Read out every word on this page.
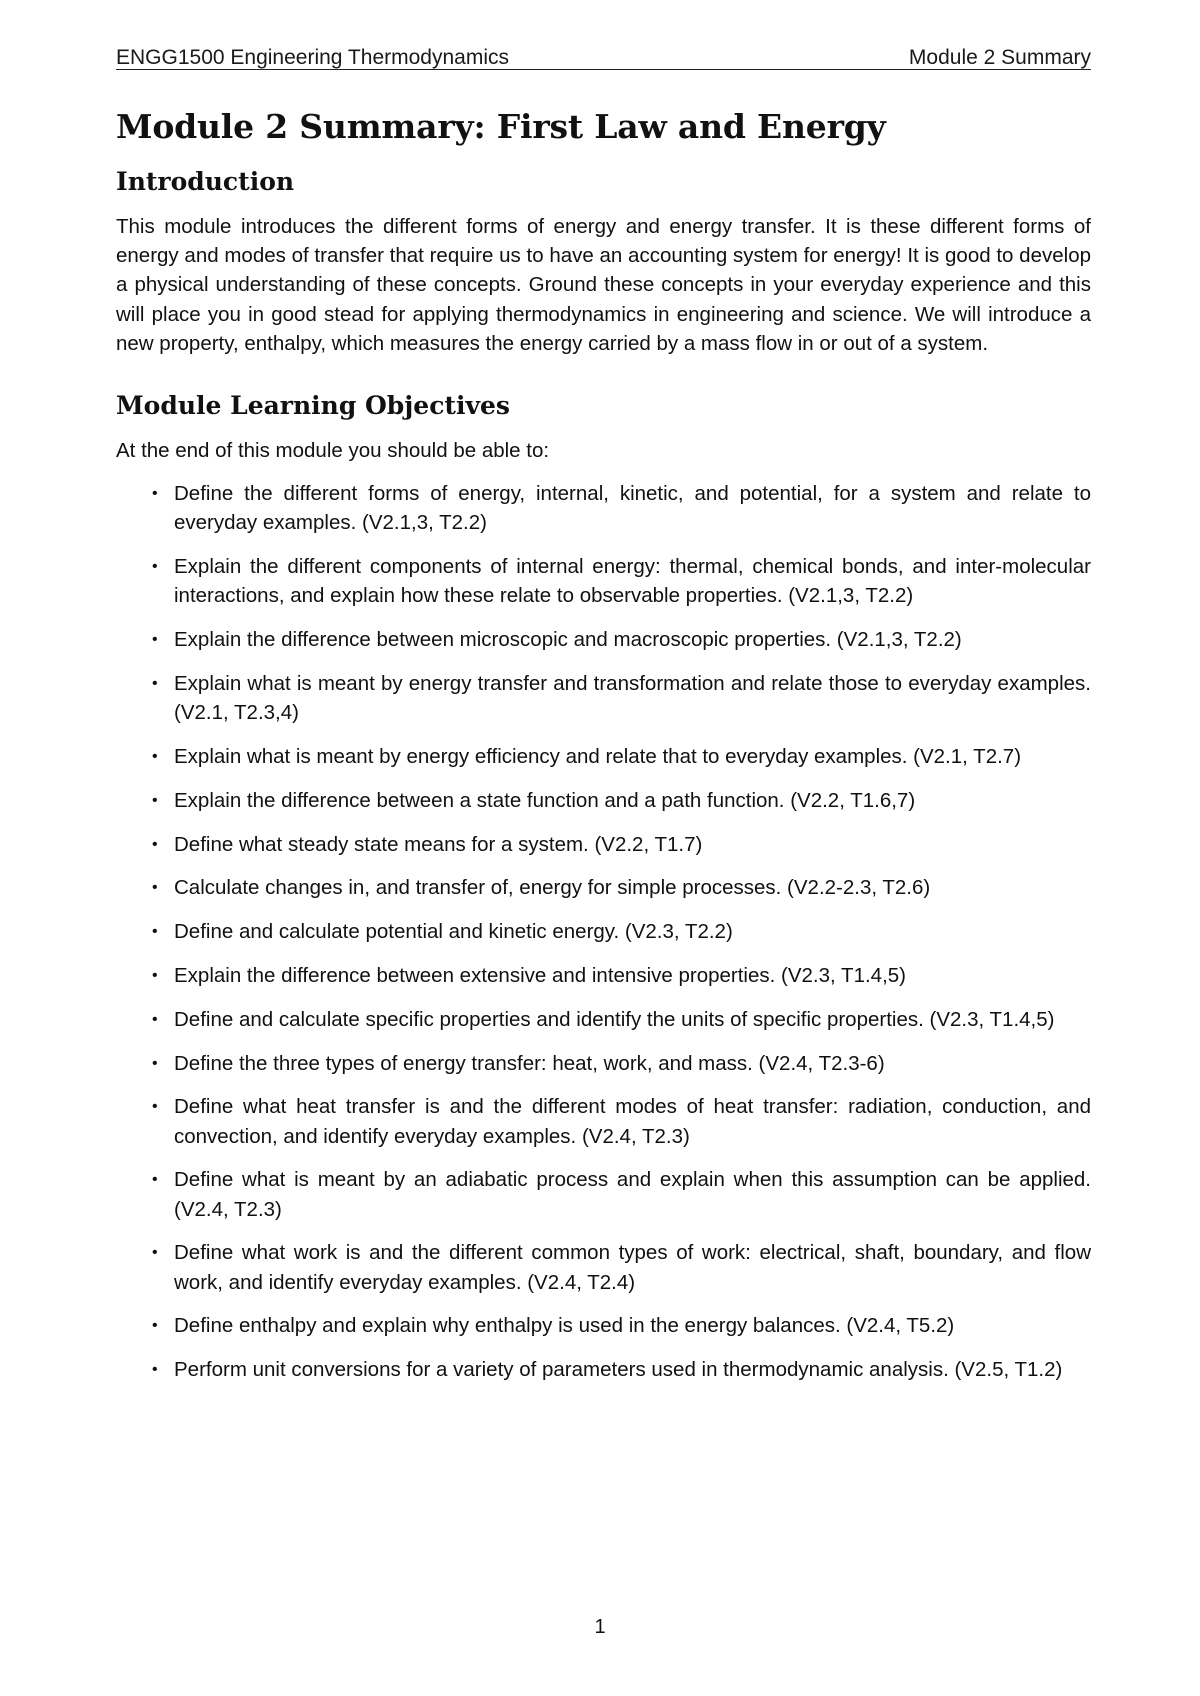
ENGG1500 Engineering Thermodynamics	Module 2 Summary
Module 2 Summary: First Law and Energy
Introduction

This module introduces the different forms of energy and energy transfer. It is these different forms of energy and modes of transfer that require us to have an accounting system for energy! It is good to develop a physical understanding of these concepts. Ground these concepts in your everyday experience and this will place you in good stead for applying thermodynamics in engineering and science. We will introduce a new property, enthalpy, which measures the energy carried by a mass flow in or out of a system.

Module Learning Objectives

At the end of this module you should be able to:

• Define the different forms of energy, internal, kinetic, and potential, for a system and relate to everyday examples. (V2.1,3, T2.2)
• Explain the different components of internal energy: thermal, chemical bonds, and inter-molecular interactions, and explain how these relate to observable properties. (V2.1,3, T2.2)
• Explain the difference between microscopic and macroscopic properties. (V2.1,3, T2.2)
• Explain what is meant by energy transfer and transformation and relate those to everyday examples. (V2.1, T2.3,4)
• Explain what is meant by energy efficiency and relate that to everyday examples. (V2.1, T2.7)
• Explain the difference between a state function and a path function. (V2.2, T1.6,7)
• Define what steady state means for a system. (V2.2, T1.7)
• Calculate changes in, and transfer of, energy for simple processes. (V2.2-2.3, T2.6)
• Define and calculate potential and kinetic energy. (V2.3, T2.2)
• Explain the difference between extensive and intensive properties. (V2.3, T1.4,5)
• Define and calculate specific properties and identify the units of specific properties. (V2.3, T1.4,5)
• Define the three types of energy transfer: heat, work, and mass. (V2.4, T2.3-6)
• Define what heat transfer is and the different modes of heat transfer: radiation, conduction, and convection, and identify everyday examples. (V2.4, T2.3)
• Define what is meant by an adiabatic process and explain when this assumption can be applied. (V2.4, T2.3)
• Define what work is and the different common types of work: electrical, shaft, boundary, and flow work, and identify everyday examples. (V2.4, T2.4)
• Define enthalpy and explain why enthalpy is used in the energy balances. (V2.4, T5.2)
• Perform unit conversions for a variety of parameters used in thermodynamic analysis. (V2.5, T1.2)
1
